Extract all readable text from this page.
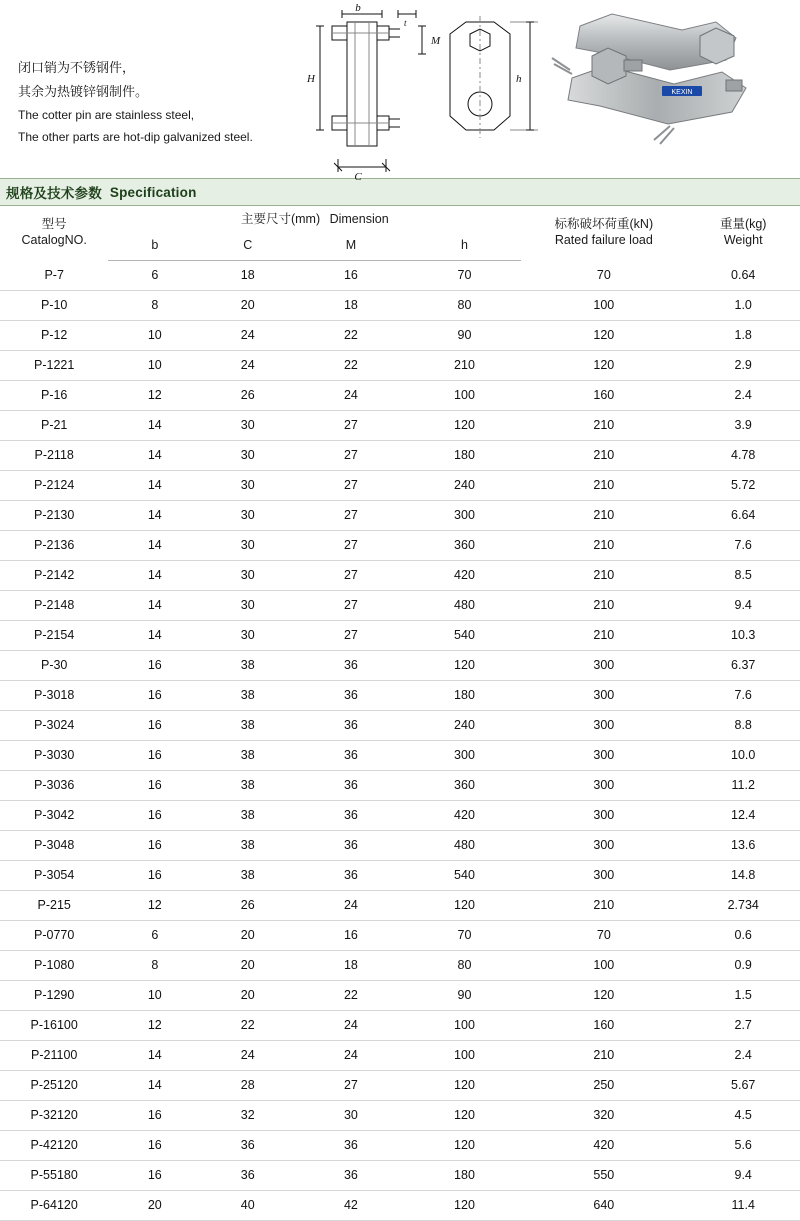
闭口销为不锈钢件，
其余为热镀锌钢制件。
The cotter pin are stainless steel,
The other parts are hot-dip galvanized steel.
b
M
t
H	h
C
KEXIN
规格及技术参数 Specification
型号
CatalogNO.	主要尺寸(mm) Dimension				标称破坏荷重(kN)
Rated failure load	重量(kg)
Weight

	b	C	M	h		
P-7	6	18	16	70	70	0.64
P-10	8	20	18	80	100	1.0
P-12	10	24	22	90	120	1.8
P-1221	10	24	22	210	120	2.9
P-16	12	26	24	100	160	2.4
P-21	14	30	27	120	210	3.9
P-2118	14	30	27	180	210	4.78
P-2124	14	30	27	240	210	5.72
P-2130	14	30	27	300	210	6.64
P-2136	14	30	27	360	210	7.6
P-2142	14	30	27	420	210	8.5
P-2148	14	30	27	480	210	9.4
P-2154	14	30	27	540	210	10.3
P-30	16	38	36	120	300	6.37
P-3018	16	38	36	180	300	7.6
P-3024	16	38	36	240	300	8.8
P-3030	16	38	36	300	300	10.0
P-3036	16	38	36	360	300	11.2
P-3042	16	38	36	420	300	12.4
P-3048	16	38	36	480	300	13.6
P-3054	16	38	36	540	300	14.8
P-215	12	26	24	120	210	2.734
P-0770	6	20	16	70	70	0.6
P-1080	8	20	18	80	100	0.9
P-1290	10	20	22	90	120	1.5
P-16100	12	22	24	100	160	2.7
P-21100	14	24	24	100	210	2.4
P-25120	14	28	27	120	250	5.67
P-32120	16	32	30	120	320	4.5
P-42120	16	36	36	120	420	5.6
P-55180	16	36	36	180	550	9.4
P-64120	20	40	42	120	640	11.4
